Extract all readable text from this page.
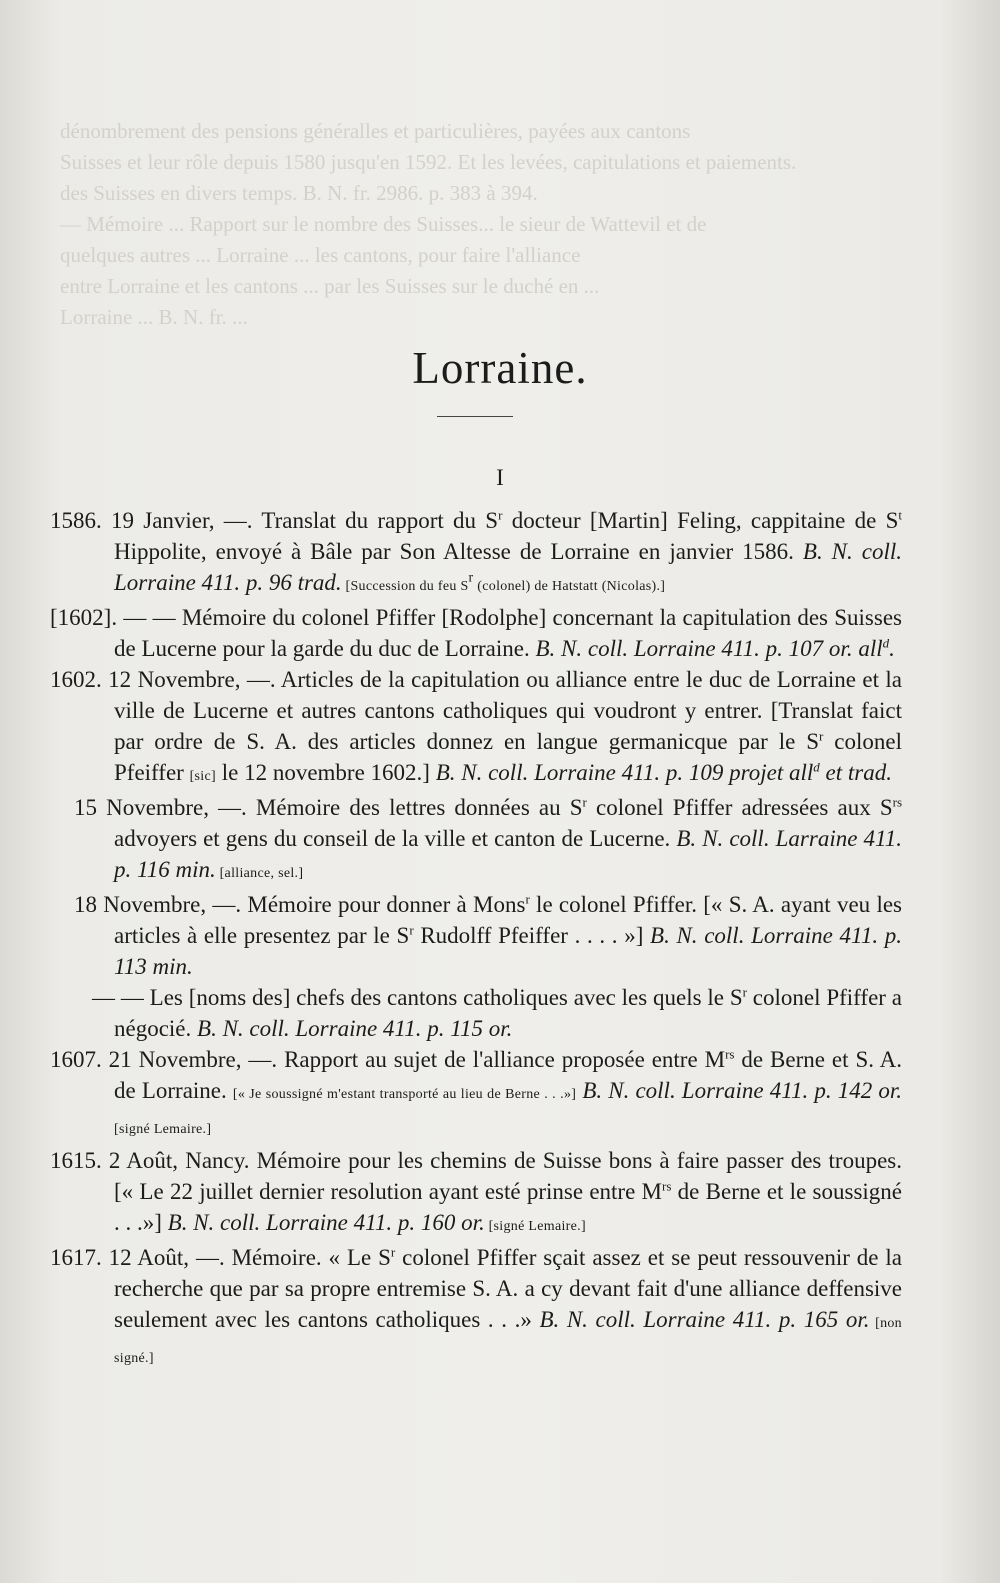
dénombrement des pensions généralles et particulières, payées aux cantons
Suisses et leur rôle depuis 1580 jusqu'en 1592. Et les levées, capitulations et paiements.
des Suisses en divers temps. B. N. fr. 2986. p. 383 à 394.
— Mémoire ... Rapport sur le nombre des Suisses... le sieur de Wattevil et de
quelques autres ... Lorraine ... les cantons, pour faire l'alliance
entre Lorraine et les cantons ... par les Suisses sur le duché en ...
Lorraine ... B. N. fr. ...
Lorraine.
I
1586. 19 Janvier, —. Translat du rapport du $S^r$ docteur [Martin] Feling, cappitaine de $S^t$ Hippolite, envoyé à Bâle par Son Altesse de Lorraine en janvier 1586. B. N. coll. Lorraine 411. p. 96 trad. [Succession du feu $S^r$ (colonel) de Hatstatt (Nicolas).]
[1602]. — — Mémoire du colonel Pfiffer [Rodolphe] concernant la capitulation des Suisses de Lucerne pour la garde du duc de Lorraine. B. N. coll. Lorraine 411. p. 107 or. all$^d$.
1602. 12 Novembre, —. Articles de la capitulation ou alliance entre le duc de Lorraine et la ville de Lucerne et autres cantons catholiques qui voudront y entrer. [Translat faict par ordre de S. A. des articles donnez en langue germanicque par le $S^r$ colonel Pfeiffer [sic] le 12 novembre 1602.] B. N. coll. Lorraine 411. p. 109 projet all$^d$ et trad.
15 Novembre, —. Mémoire des lettres données au $S^r$ colonel Pfiffer adressées aux $S^{rs}$ advoyers et gens du conseil de la ville et canton de Lucerne. B. N. coll. Larraine 411. p. 116 min. [alliance, sel.]
18 Novembre, —. Mémoire pour donner à Mons$^r$ le colonel Pfiffer. [« S. A. ayant veu les articles à elle presentez par le $S^r$ Rudolff Pfeiffer . . . . »] B. N. coll. Lorraine 411. p. 113 min.
— — Les [noms des] chefs des cantons catholiques avec les quels le $S^r$ colonel Pfiffer a négocié. B. N. coll. Lorraine 411. p. 115 or.
1607. 21 Novembre, —. Rapport au sujet de l'alliance proposée entre $M^{rs}$ de Berne et S. A. de Lorraine. [« Je soussigné m'estant transporté au lieu de Berne . . .»] B. N. coll. Lorraine 411. p. 142 or. [signé Lemaire.]
1615. 2 Août, Nancy. Mémoire pour les chemins de Suisse bons à faire passer des troupes. [« Le 22 juillet dernier resolution ayant esté prinse entre $M^{rs}$ de Berne et le soussigné . . .»] B. N. coll. Lorraine 411. p. 160 or. [signé Lemaire.]
1617. 12 Août, —. Mémoire. « Le $S^r$ colonel Pfiffer sçait assez et se peut ressouvenir de la recherche que par sa propre entremise S. A. a cy devant fait d'une alliance deffensive seulement avec les cantons catholiques . . .» B. N. coll. Lorraine 411. p. 165 or. [non signé.]
